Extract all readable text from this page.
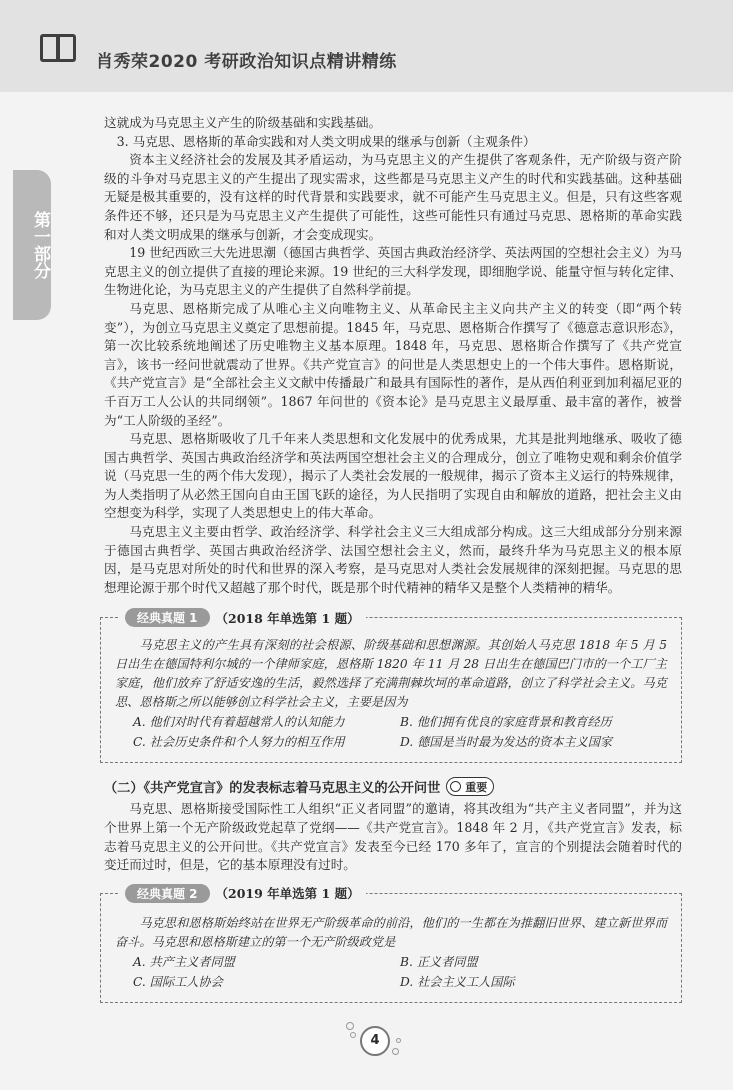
肖秀荣2020 考研政治知识点精讲精练
第一部分

这就成为马克思主义产生的阶级基础和实践基础。

3. 马克思、恩格斯的革命实践和对人类文明成果的继承与创新（主观条件）

资本主义经济社会的发展及其矛盾运动，为马克思主义的产生提供了客观条件，无产阶级与资产阶级的斗争对马克思主义的产生提出了现实需求，这些都是马克思主义产生的时代和实践基础。这种基础无疑是极其重要的，没有这样的时代背景和实践要求，就不可能产生马克思主义。但是，只有这些客观条件还不够，还只是为马克思主义产生提供了可能性，这些可能性只有通过马克思、恩格斯的革命实践和对人类文明成果的继承与创新，才会变成现实。

19 世纪西欧三大先进思潮（德国古典哲学、英国古典政治经济学、英法两国的空想社会主义）为马克思主义的创立提供了直接的理论来源。19 世纪的三大科学发现，即细胞学说、能量守恒与转化定律、生物进化论，为马克思主义的产生提供了自然科学前提。

马克思、恩格斯完成了从唯心主义向唯物主义、从革命民主主义向共产主义的转变（即“两个转变”），为创立马克思主义奠定了思想前提。1845 年，马克思、恩格斯合作撰写了《德意志意识形态》，第一次比较系统地阐述了历史唯物主义基本原理。1848 年，马克思、恩格斯合作撰写了《共产党宣言》，该书一经问世就震动了世界。《共产党宣言》的问世是人类思想史上的一个伟大事件。恩格斯说，《共产党宣言》是“全部社会主义文献中传播最广和最具有国际性的著作，是从西伯利亚到加利福尼亚的千百万工人公认的共同纲领”。1867 年问世的《资本论》是马克思主义最厚重、最丰富的著作，被誉为“工人阶级的圣经”。

马克思、恩格斯吸收了几千年来人类思想和文化发展中的优秀成果，尤其是批判地继承、吸收了德国古典哲学、英国古典政治经济学和英法两国空想社会主义的合理成分，创立了唯物史观和剩余价值学说（马克思一生的两个伟大发现），揭示了人类社会发展的一般规律，揭示了资本主义运行的特殊规律，为人类指明了从必然王国向自由王国飞跃的途径，为人民指明了实现自由和解放的道路，把社会主义由空想变为科学，实现了人类思想史上的伟大革命。

马克思主义主要由哲学、政治经济学、科学社会主义三大组成部分构成。这三大组成部分分别来源于德国古典哲学、英国古典政治经济学、法国空想社会主义，然而，最终升华为马克思主义的根本原因，是马克思对所处的时代和世界的深入考察，是马克思对人类社会发展规律的深刻把握。马克思的思想理论源于那个时代又超越了那个时代，既是那个时代精神的精华又是整个人类精神的精华。

经典真题 1	（2018 年单选第 1 题）

马克思主义的产生具有深刻的社会根源、阶级基础和思想渊源。其创始人马克思 1818 年 5 月 5 日出生在德国特利尔城的一个律师家庭，恩格斯 1820 年 11 月 28 日出生在德国巴门市的一个工厂主家庭，他们放弃了舒适安逸的生活，毅然选择了充满荆棘坎坷的革命道路，创立了科学社会主义。马克思、恩格斯之所以能够创立科学社会主义，主要是因为

A. 他们对时代有着超越常人的认知能力	B. 他们拥有优良的家庭背景和教育经历
C. 社会历史条件和个人努力的相互作用	D. 德国是当时最为发达的资本主义国家
（二）《共产党宣言》的发表标志着马克思主义的公开问世 重要

马克思、恩格斯接受国际性工人组织“正义者同盟”的邀请，将其改组为“共产主义者同盟”，并为这个世界上第一个无产阶级政党起草了党纲——《共产党宣言》。1848 年 2 月，《共产党宣言》发表，标志着马克思主义的公开问世。《共产党宣言》发表至今已经 170 多年了，宣言的个别提法会随着时代的变迁而过时，但是，它的基本原理没有过时。

经典真题 2	（2019 年单选第 1 题）

马克思和恩格斯始终站在世界无产阶级革命的前沿，他们的一生都在为推翻旧世界、建立新世界而奋斗。马克思和恩格斯建立的第一个无产阶级政党是

A. 共产主义者同盟	B. 正义者同盟
C. 国际工人协会	D. 社会主义工人国际
4
